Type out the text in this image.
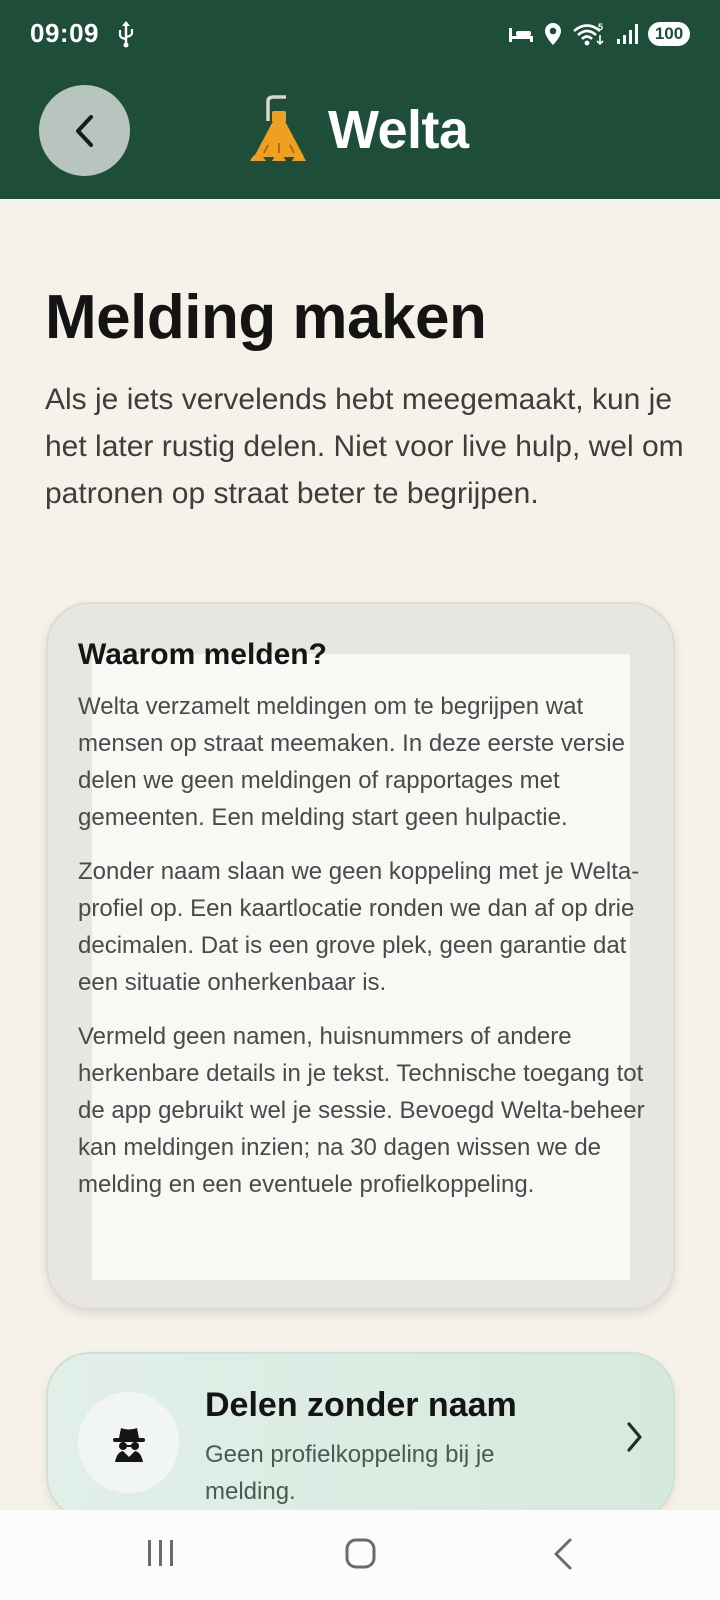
09:09	5	100
Welta
Melding maken

Als je iets vervelends hebt meegemaakt, kun je het later rustig delen. Niet voor live hulp, wel om patronen op straat beter te begrijpen.

Waarom melden?

Welta verzamelt meldingen om te begrijpen wat mensen op straat meemaken. In deze eerste versie delen we geen meldingen of rapportages met gemeenten. Een melding start geen hulpactie.

Zonder naam slaan we geen koppeling met je Welta-profiel op. Een kaartlocatie ronden we dan af op drie decimalen. Dat is een grove plek, geen garantie dat een situatie onherkenbaar is.

Vermeld geen namen, huisnummers of andere herkenbare details in je tekst. Technische toegang tot de app gebruikt wel je sessie. Bevoegd Welta-beheer kan meldingen inzien; na 30 dagen wissen we de melding en een eventuele profielkoppeling.

Delen zonder naam
Geen profielkoppeling bij je melding.
